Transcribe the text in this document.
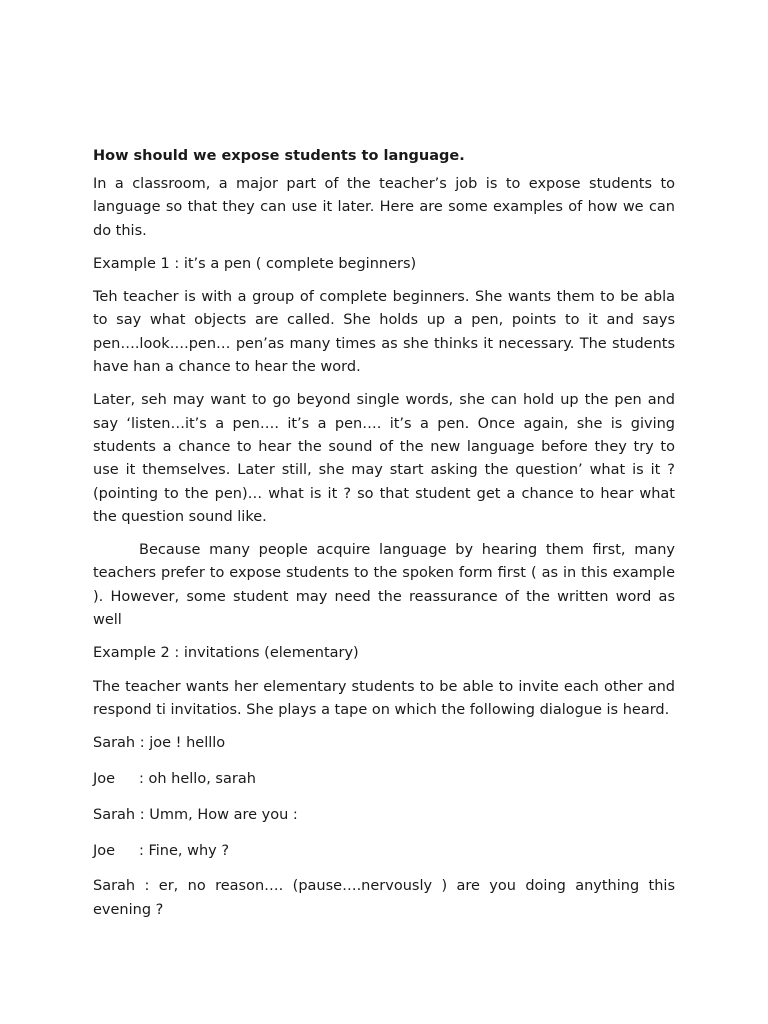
How should we expose students to language.

In a classroom, a major part of the teacher’s job is to expose students to language so that they can use it later. Here are some examples of how we can do this.

Example 1 : it’s a pen ( complete beginners)

Teh teacher is with a group of complete beginners. She wants them to be abla to say what objects are called. She holds up a pen, points to it and says pen….look….pen… pen’as many times as she thinks it necessary. The students have han a chance to hear the word.

Later, seh may want to go beyond single words, she can hold up the pen and say ‘listen…it’s a pen…. it’s a pen…. it’s a pen. Once again, she is giving students a chance to hear the sound of the new language before they try to use it themselves. Later still, she may start asking the question’ what is it ? (pointing to the pen)… what is it ? so that student get a chance to hear what the question sound like.

Because many people acquire language by hearing them first, many teachers prefer to expose students to the spoken form first ( as in this example ). However, some student may need the reassurance of the written word as well

Example 2 : invitations (elementary)

The teacher wants her elementary students to be able to invite each other and respond ti invitatios. She plays a tape on which the following dialogue is heard.

Sarah : joe ! helllo
Joe : oh hello, sarah
Sarah : Umm, How are you :
Joe : Fine, why ?
Sarah : er, no reason…. (pause….nervously ) are you doing anything this evening ?
